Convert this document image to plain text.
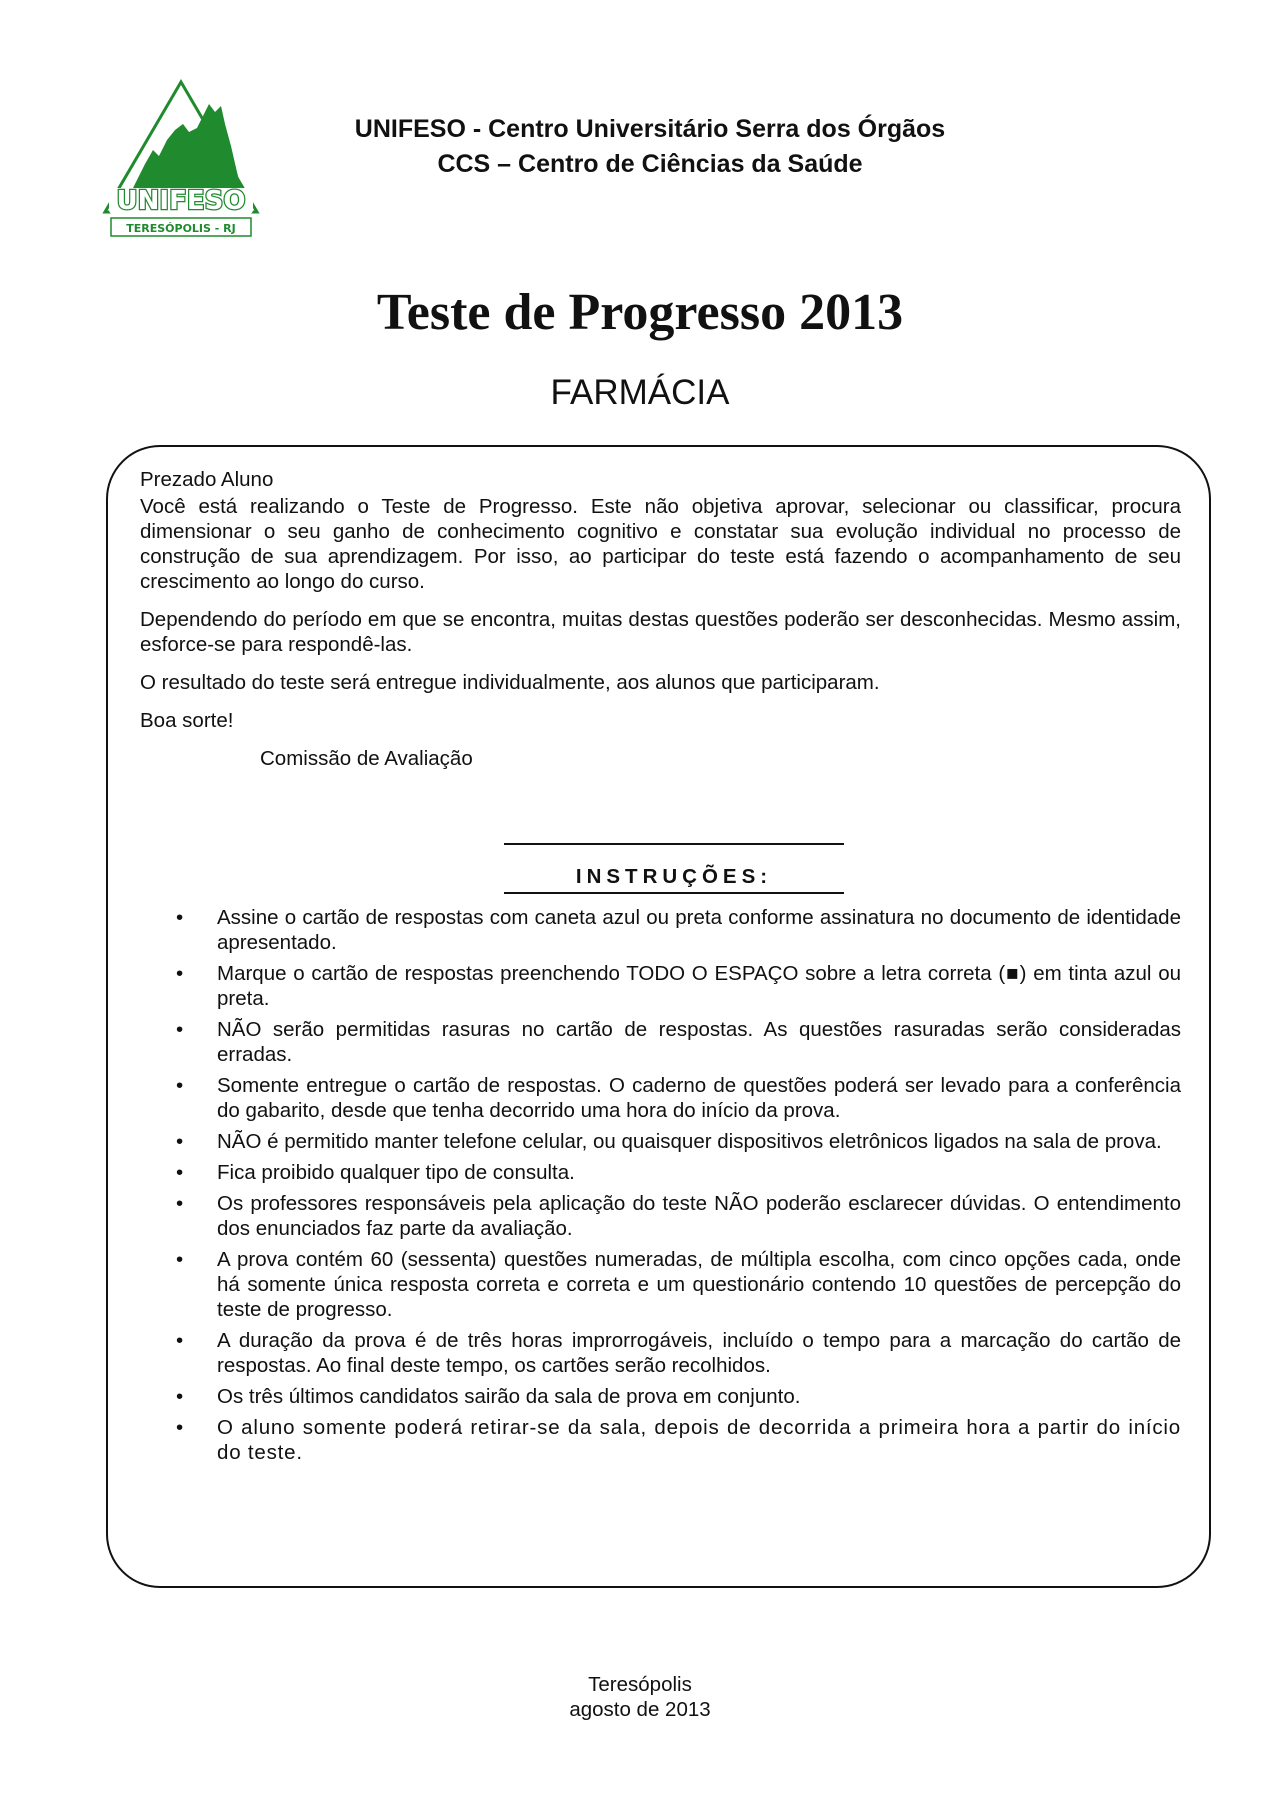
UNIFESO
TERESÓPOLIS - RJ
UNIFESO - Centro Universitário Serra dos Órgãos
CCS – Centro de Ciências da Saúde
Teste de Progresso 2013
FARMÁCIA

Prezado Aluno

Você está realizando o Teste de Progresso. Este não objetiva aprovar, selecionar ou classificar, procura dimensionar o seu ganho de conhecimento cognitivo e constatar sua evolução individual no processo de construção de sua aprendizagem. Por isso, ao participar do teste está fazendo o acompanhamento de seu crescimento ao longo do curso.

Dependendo do período em que se encontra, muitas destas questões poderão ser desconhecidas. Mesmo assim, esforce-se para respondê-las.

O resultado do teste será entregue individualmente, aos alunos que participaram.

Boa sorte!

Comissão de Avaliação

INSTRUÇÕES:
• Assine o cartão de respostas com caneta azul ou preta conforme assinatura no documento de identidade apresentado.
• Marque o cartão de respostas preenchendo TODO O ESPAÇO sobre a letra correta (■) em tinta azul ou preta.
• NÃO serão permitidas rasuras no cartão de respostas. As questões rasuradas serão consideradas erradas.
• Somente entregue o cartão de respostas. O caderno de questões poderá ser levado para a conferência do gabarito, desde que tenha decorrido uma hora do início da prova.
• NÃO é permitido manter telefone celular, ou quaisquer dispositivos eletrônicos ligados na sala de prova.
• Fica proibido qualquer tipo de consulta.
• Os professores responsáveis pela aplicação do teste NÃO poderão esclarecer dúvidas. O entendimento dos enunciados faz parte da avaliação.
• A prova contém 60 (sessenta) questões numeradas, de múltipla escolha, com cinco opções cada, onde há somente única resposta correta e correta e um questionário contendo 10 questões de percepção do teste de progresso.
• A duração da prova é de três horas improrrogáveis, incluído o tempo para a marcação do cartão de respostas. Ao final deste tempo, os cartões serão recolhidos.
• Os três últimos candidatos sairão da sala de prova em conjunto.
• O aluno somente poderá retirar-se da sala, depois de decorrida a primeira hora a partir do início do teste.
Teresópolis
agosto de 2013
